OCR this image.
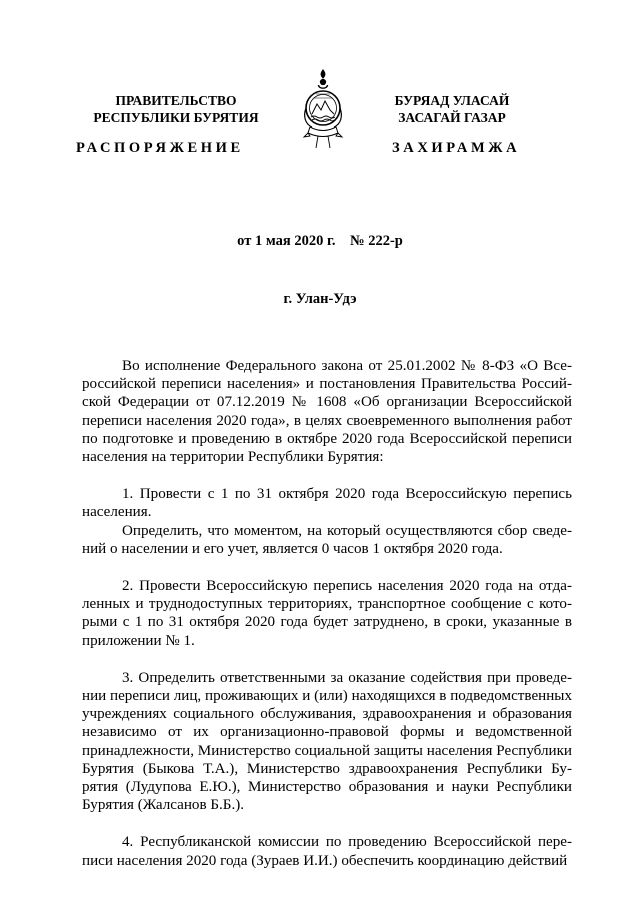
ПРАВИТЕЛЬСТВО
РЕСПУБЛИКИ БУРЯТИЯ
БУРЯАД УЛАСАЙ
ЗАСАГАЙ ГАЗАР
РАСПОРЯЖЕНИЕ	ЗАХИРАМЖА
от 1 мая 2020 г.    № 222-р
г. Улан-Удэ

Во исполнение Федерального закона от 25.01.2002 № 8-ФЗ «О Всероссийской переписи населения» и постановления Правительства Российской Федерации от 07.12.2019 № 1608 «Об организации Всероссийской переписи населения 2020 года», в целях своевременного выполнения работ по подготовке и проведению в октябре 2020 года Всероссийской переписи населения на территории Республики Бурятия:

1. Провести с 1 по 31 октября 2020 года Всероссийскую перепись населения.

Определить, что моментом, на который осуществляются сбор сведений о населении и его учет, является 0 часов 1 октября 2020 года.

2. Провести Всероссийскую перепись населения 2020 года на отдаленных и труднодоступных территориях, транспортное сообщение с которыми с 1 по 31 октября 2020 года будет затруднено, в сроки, указанные в приложении № 1.

3. Определить ответственными за оказание содействия при проведении переписи лиц, проживающих и (или) находящихся в подведомственных учреждениях социального обслуживания, здравоохранения и образования независимо от их организационно-правовой формы и ведомственной принадлежности, Министерство социальной защиты населения Республики Бурятия (Быкова Т.А.), Министерство здравоохранения Республики Бурятия (Лудупова Е.Ю.), Министерство образования и науки Республики Бурятия (Жалсанов Б.Б.).

4. Республиканской комиссии по проведению Всероссийской переписи населения 2020 года (Зураев И.И.) обеспечить координацию действий
